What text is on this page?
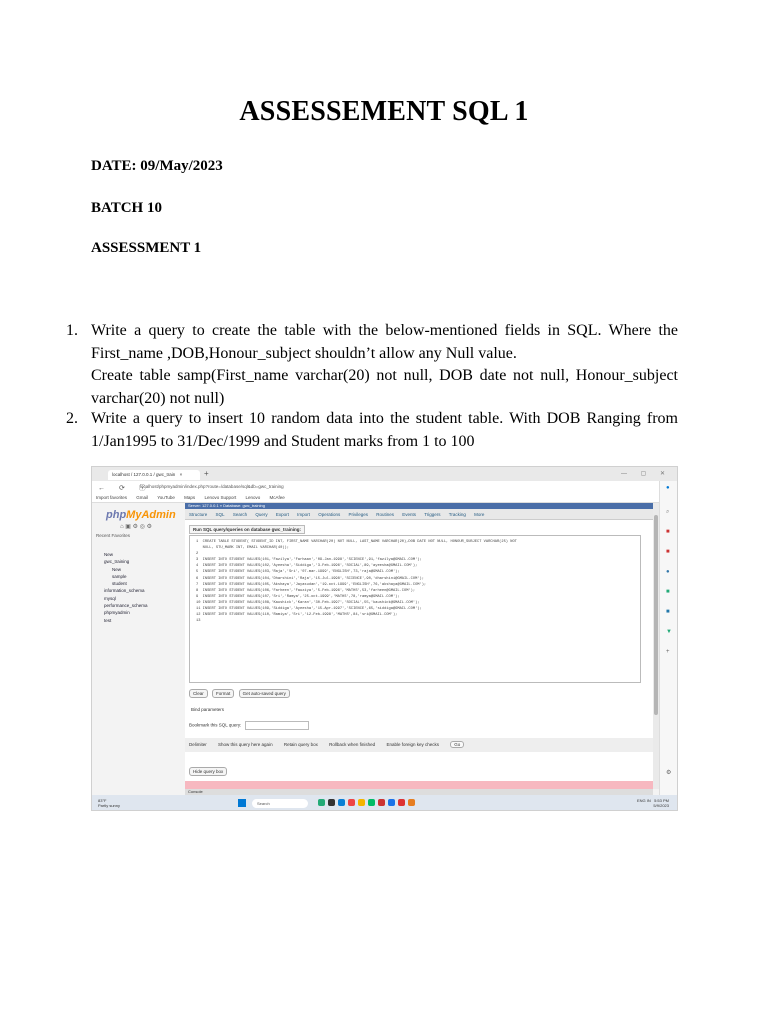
ASSESSEMENT SQL 1
DATE: 09/May/2023
BATCH 10
ASSESSMENT 1
1. Write a query to create the table with the below-mentioned fields in SQL. Where the First_name ,DOB,Honour_subject shouldn’t allow any Null value.

Create table samp(First_name varchar(20) not null, DOB date not null, Honour_subject varchar(20) not null)

2. Write a query to insert 10 random data into the student table. With DOB Ranging from 1/Jan1995 to 31/Dec/1999 and Student marks from 1 to 100

localhost / 127.0.0.1 / gwc_train ×	+	— ▢ ✕
← ⟳ ⓘ
localhost/phpmyadmin/index.php?route=/database/sql&db=gwc_training
Import favorites Gmail YouTube Maps Lenovo Support Lenovo McAfee
phpMyAdmin
⌂ ▣ ⚙ ◎ ⚙
Recent Favorites
New
gwc_training
New
sample
student
information_schema
mysql
performance_schema
phpmyadmin
test
Server: 127.0.0.1 » Database: gwc_training
Structure SQL Search Query Export Import Operations Privileges Routines Events Triggers Tracking More
Run SQL query/queries on database gwc_training:
1  CREATE TABLE STUDENT( STUDENT_ID INT, FIRST_NAME VARCHAR(20) NOT NULL, LAST_NAME VARCHAR(20),DOB DATE NOT NULL, HONOUR_SUBJECT VARCHAR(25) NOT
NULL, STU_MARK INT, EMAIL VARCHAR(40));
2
3  INSERT INTO STUDENT VALUES(101,'Fazilya','Farhaan','09-Jan-1998','SCIENCE',91,'fazilya@GMAIL.COM');
4  INSERT INTO STUDENT VALUES(102,'Ayeesha','Siddiga','3-Feb-1996','SOCIAL',89,'ayeesha@GMAIL.COM');
5  INSERT INTO STUDENT VALUES(103,'Raja','Sri','07-mar-1999','ENGLISH',73,'raja@GMAIL.COM');
6  INSERT INTO STUDENT VALUES(104,'Dharshini','Raja','15-Jul-1998','SCIENCE',90,'dharshini@GMAIL.COM');
7  INSERT INTO STUDENT VALUES(105,'Akshaya','Jayasudan','19-oct-1999','ENGLISH',76,'akshaya@GMAIL.COM');
8  INSERT INTO STUDENT VALUES(106,'Farheen','Fauziya','5-Feb-1996','MATHS',53,'farheen@GMAIL.COM');
9  INSERT INTO STUDENT VALUES(107,'Sri','Ramya','25-oct-1999','MATHS',78,'ramya@GMAIL.COM');
10 INSERT INTO STUDENT VALUES(108,'Kaushick','Karan','30-Feb-1997','SOCIAL',55,'kaushick@GMAIL.COM');
11 INSERT INTO STUDENT VALUES(109,'Siddiga','Ayeesha','15-Apr-1997','SCIENCE',65,'siddiga@GMAIL.COM');
12 INSERT INTO STUDENT VALUES(110,'Ramiya','Sri','12-Feb-1998','MATHS',84,'sri@GMAIL.COM');
13
Clear	Format	Get auto-saved query
Bind parameters
Bookmark this SQL query:
Delimiter	Show this query here again	Retain query box	Rollback when finished	Enable foreign key checks	Go
Hide query box
Console
●
⌕
■
■
●
■
■
▼
+
⚙
83°F
Partly sunny	Search
ENG IN 5:53 PM
5/9/2023
